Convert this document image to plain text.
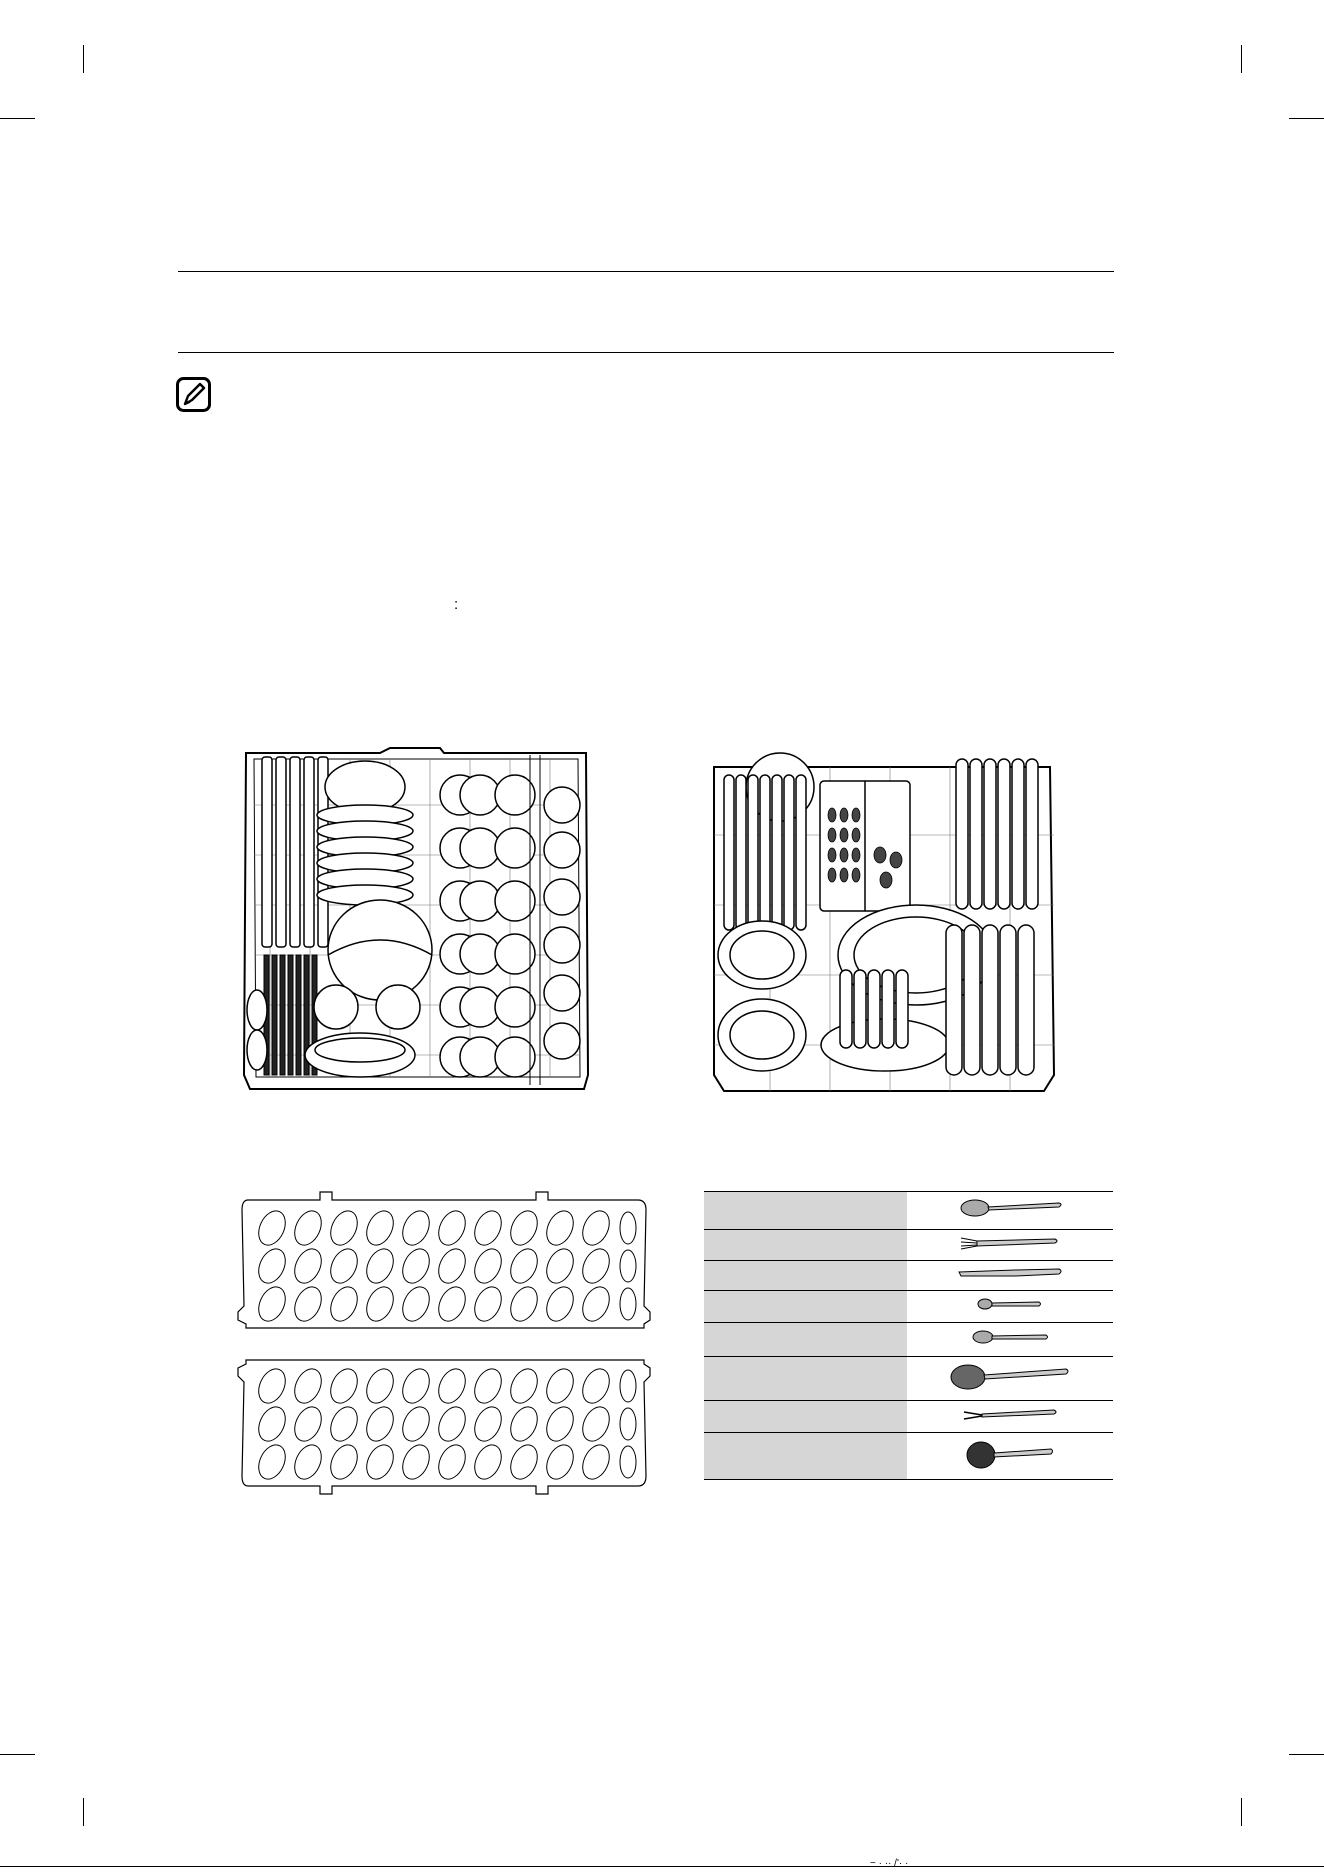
:

− · ·· /'· ·
